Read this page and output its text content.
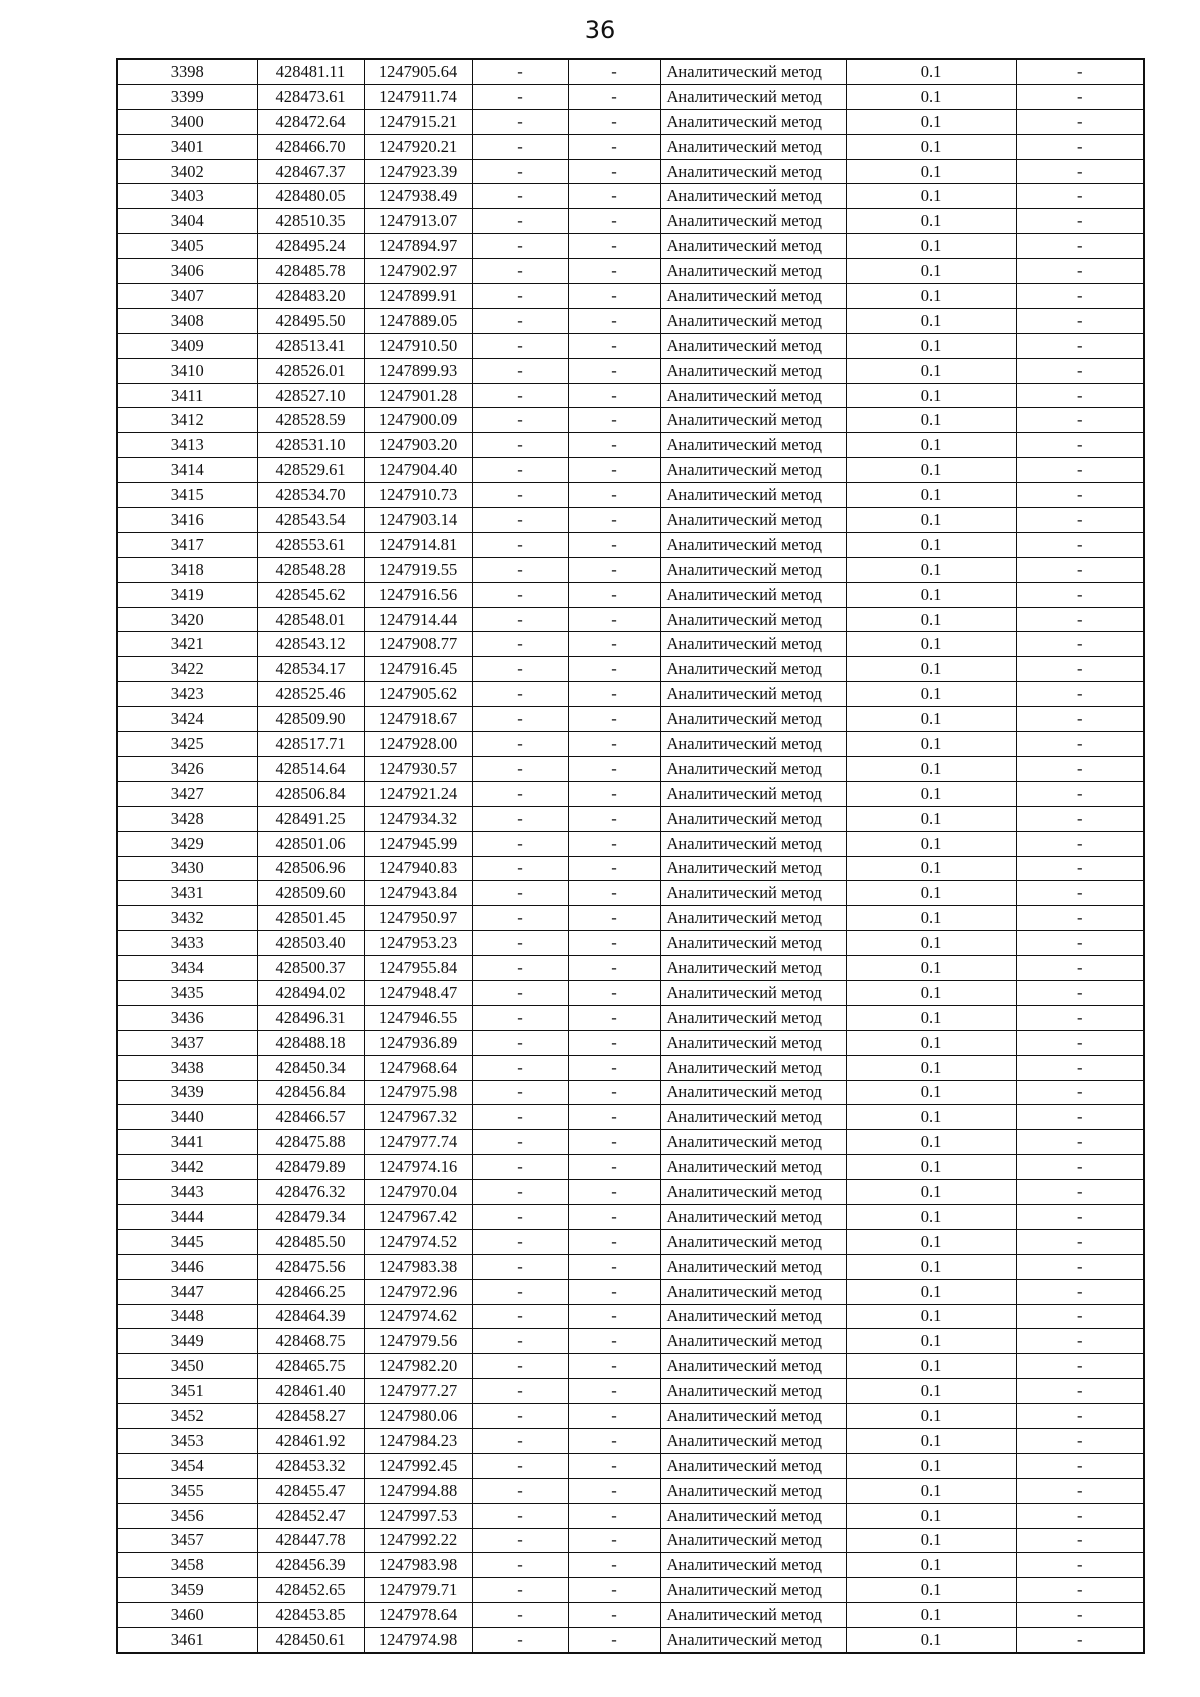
36
3398	428481.11	1247905.64	-	-	Аналитический метод	0.1	-
3399	428473.61	1247911.74	-	-	Аналитический метод	0.1	-
3400	428472.64	1247915.21	-	-	Аналитический метод	0.1	-
3401	428466.70	1247920.21	-	-	Аналитический метод	0.1	-
3402	428467.37	1247923.39	-	-	Аналитический метод	0.1	-
3403	428480.05	1247938.49	-	-	Аналитический метод	0.1	-
3404	428510.35	1247913.07	-	-	Аналитический метод	0.1	-
3405	428495.24	1247894.97	-	-	Аналитический метод	0.1	-
3406	428485.78	1247902.97	-	-	Аналитический метод	0.1	-
3407	428483.20	1247899.91	-	-	Аналитический метод	0.1	-
3408	428495.50	1247889.05	-	-	Аналитический метод	0.1	-
3409	428513.41	1247910.50	-	-	Аналитический метод	0.1	-
3410	428526.01	1247899.93	-	-	Аналитический метод	0.1	-
3411	428527.10	1247901.28	-	-	Аналитический метод	0.1	-
3412	428528.59	1247900.09	-	-	Аналитический метод	0.1	-
3413	428531.10	1247903.20	-	-	Аналитический метод	0.1	-
3414	428529.61	1247904.40	-	-	Аналитический метод	0.1	-
3415	428534.70	1247910.73	-	-	Аналитический метод	0.1	-
3416	428543.54	1247903.14	-	-	Аналитический метод	0.1	-
3417	428553.61	1247914.81	-	-	Аналитический метод	0.1	-
3418	428548.28	1247919.55	-	-	Аналитический метод	0.1	-
3419	428545.62	1247916.56	-	-	Аналитический метод	0.1	-
3420	428548.01	1247914.44	-	-	Аналитический метод	0.1	-
3421	428543.12	1247908.77	-	-	Аналитический метод	0.1	-
3422	428534.17	1247916.45	-	-	Аналитический метод	0.1	-
3423	428525.46	1247905.62	-	-	Аналитический метод	0.1	-
3424	428509.90	1247918.67	-	-	Аналитический метод	0.1	-
3425	428517.71	1247928.00	-	-	Аналитический метод	0.1	-
3426	428514.64	1247930.57	-	-	Аналитический метод	0.1	-
3427	428506.84	1247921.24	-	-	Аналитический метод	0.1	-
3428	428491.25	1247934.32	-	-	Аналитический метод	0.1	-
3429	428501.06	1247945.99	-	-	Аналитический метод	0.1	-
3430	428506.96	1247940.83	-	-	Аналитический метод	0.1	-
3431	428509.60	1247943.84	-	-	Аналитический метод	0.1	-
3432	428501.45	1247950.97	-	-	Аналитический метод	0.1	-
3433	428503.40	1247953.23	-	-	Аналитический метод	0.1	-
3434	428500.37	1247955.84	-	-	Аналитический метод	0.1	-
3435	428494.02	1247948.47	-	-	Аналитический метод	0.1	-
3436	428496.31	1247946.55	-	-	Аналитический метод	0.1	-
3437	428488.18	1247936.89	-	-	Аналитический метод	0.1	-
3438	428450.34	1247968.64	-	-	Аналитический метод	0.1	-
3439	428456.84	1247975.98	-	-	Аналитический метод	0.1	-
3440	428466.57	1247967.32	-	-	Аналитический метод	0.1	-
3441	428475.88	1247977.74	-	-	Аналитический метод	0.1	-
3442	428479.89	1247974.16	-	-	Аналитический метод	0.1	-
3443	428476.32	1247970.04	-	-	Аналитический метод	0.1	-
3444	428479.34	1247967.42	-	-	Аналитический метод	0.1	-
3445	428485.50	1247974.52	-	-	Аналитический метод	0.1	-
3446	428475.56	1247983.38	-	-	Аналитический метод	0.1	-
3447	428466.25	1247972.96	-	-	Аналитический метод	0.1	-
3448	428464.39	1247974.62	-	-	Аналитический метод	0.1	-
3449	428468.75	1247979.56	-	-	Аналитический метод	0.1	-
3450	428465.75	1247982.20	-	-	Аналитический метод	0.1	-
3451	428461.40	1247977.27	-	-	Аналитический метод	0.1	-
3452	428458.27	1247980.06	-	-	Аналитический метод	0.1	-
3453	428461.92	1247984.23	-	-	Аналитический метод	0.1	-
3454	428453.32	1247992.45	-	-	Аналитический метод	0.1	-
3455	428455.47	1247994.88	-	-	Аналитический метод	0.1	-
3456	428452.47	1247997.53	-	-	Аналитический метод	0.1	-
3457	428447.78	1247992.22	-	-	Аналитический метод	0.1	-
3458	428456.39	1247983.98	-	-	Аналитический метод	0.1	-
3459	428452.65	1247979.71	-	-	Аналитический метод	0.1	-
3460	428453.85	1247978.64	-	-	Аналитический метод	0.1	-
3461	428450.61	1247974.98	-	-	Аналитический метод	0.1	-
